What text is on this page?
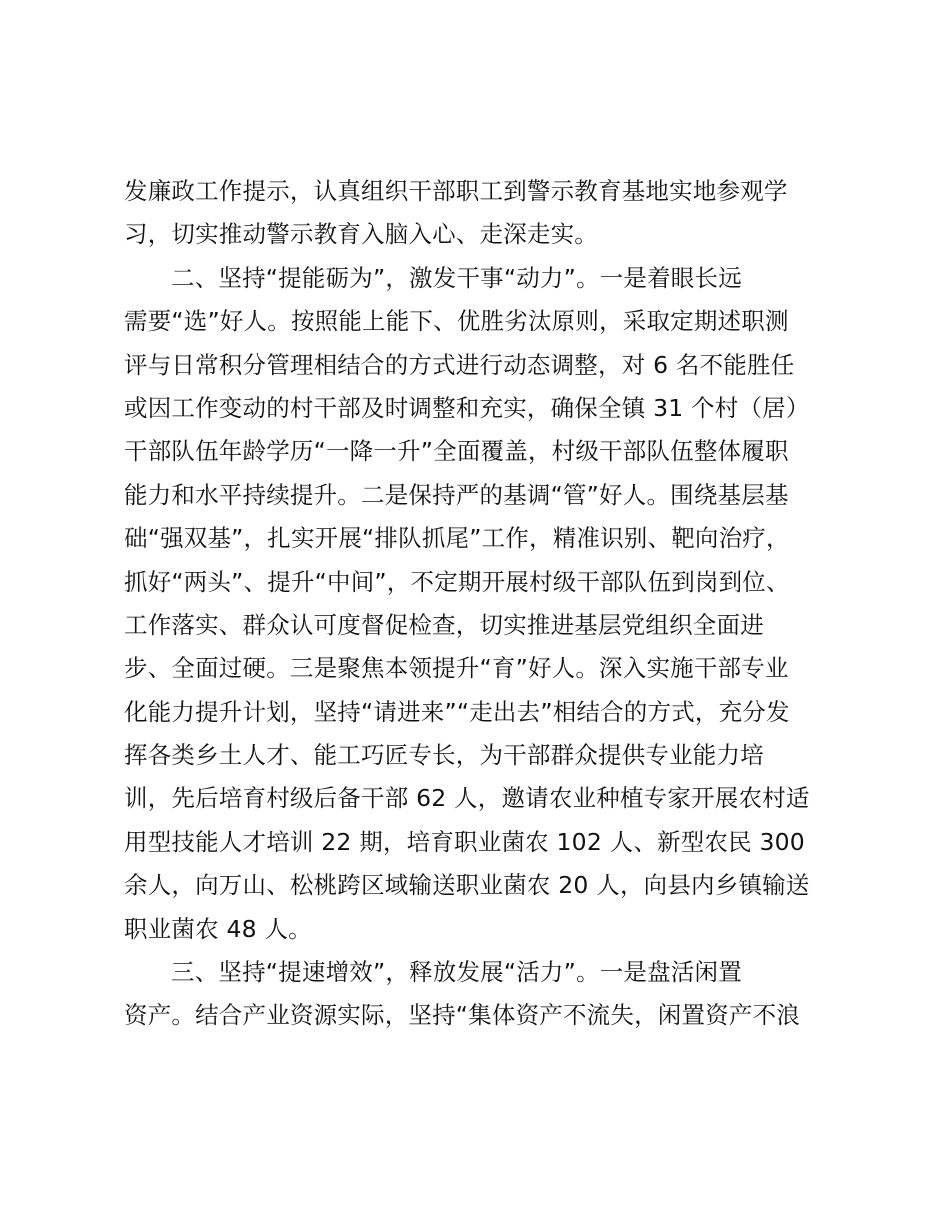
发廉政工作提示，认真组织干部职工到警示教育基地实地参观学
习，切实推动警示教育入脑入心、走深走实。
二、坚持“提能砺为”，激发干事“动力”。一是着眼长远
需要“选”好人。按照能上能下、优胜劣汰原则，采取定期述职测
评与日常积分管理相结合的方式进行动态调整，对 6 名不能胜任
或因工作变动的村干部及时调整和充实，确保全镇 31 个村（居）
干部队伍年龄学历“一降一升”全面覆盖，村级干部队伍整体履职
能力和水平持续提升。二是保持严的基调“管”好人。围绕基层基
础“强双基”，扎实开展“排队抓尾”工作，精准识别、靶向治疗，
抓好“两头”、提升“中间”，不定期开展村级干部队伍到岗到位、
工作落实、群众认可度督促检查，切实推进基层党组织全面进
步、全面过硬。三是聚焦本领提升“育”好人。深入实施干部专业
化能力提升计划，坚持“请进来”“走出去”相结合的方式，充分发
挥各类乡土人才、能工巧匠专长，为干部群众提供专业能力培
训，先后培育村级后备干部 62 人，邀请农业种植专家开展农村适
用型技能人才培训 22 期，培育职业菌农 102 人、新型农民 300
余人，向万山、松桃跨区域输送职业菌农 20 人，向县内乡镇输送
职业菌农 48 人。
三、坚持“提速增效”，释放发展“活力”。一是盘活闲置
资产。结合产业资源实际，坚持“集体资产不流失，闲置资产不浪
